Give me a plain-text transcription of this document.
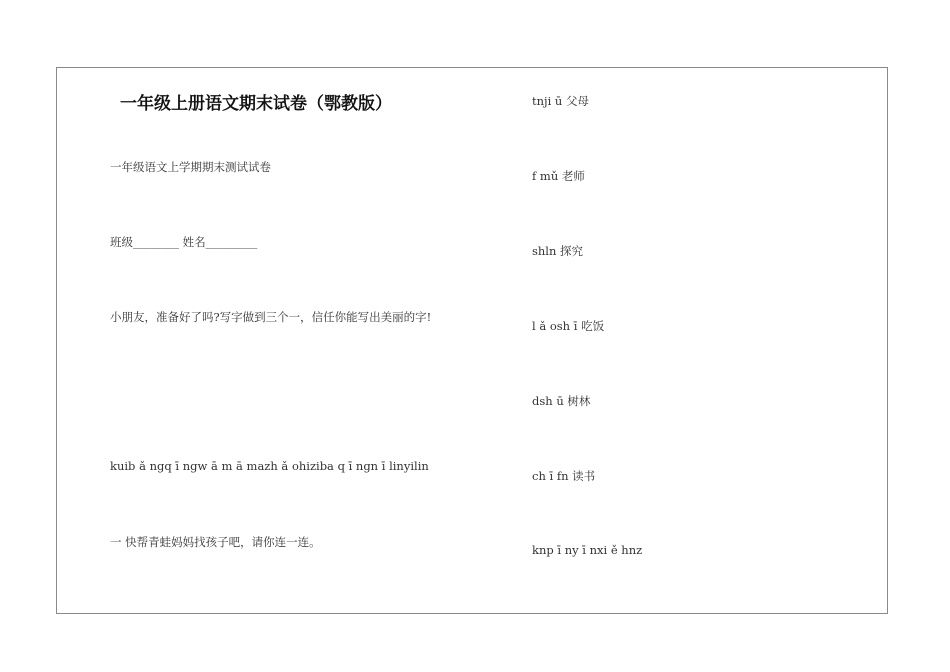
一年级上册语文期末试卷（鄂教版）
一年级语文上学期期末测试试卷
班级________ 姓名_________
小朋友，准备好了吗?写字做到三个一，信任你能写出美丽的字!
kuib ǎ ngq ī ngw ā m ā mazh ǎ ohiziba q ī ngn ī linyilin
一 快帮青蛙妈妈找孩子吧，请你连一连。
tnji ū 父母
f mǔ 老师
shln 探究
l ǎ osh ī 吃饭
dsh ū 树林
ch ī fn 读书
knp ī ny ī nxi ě hnz
